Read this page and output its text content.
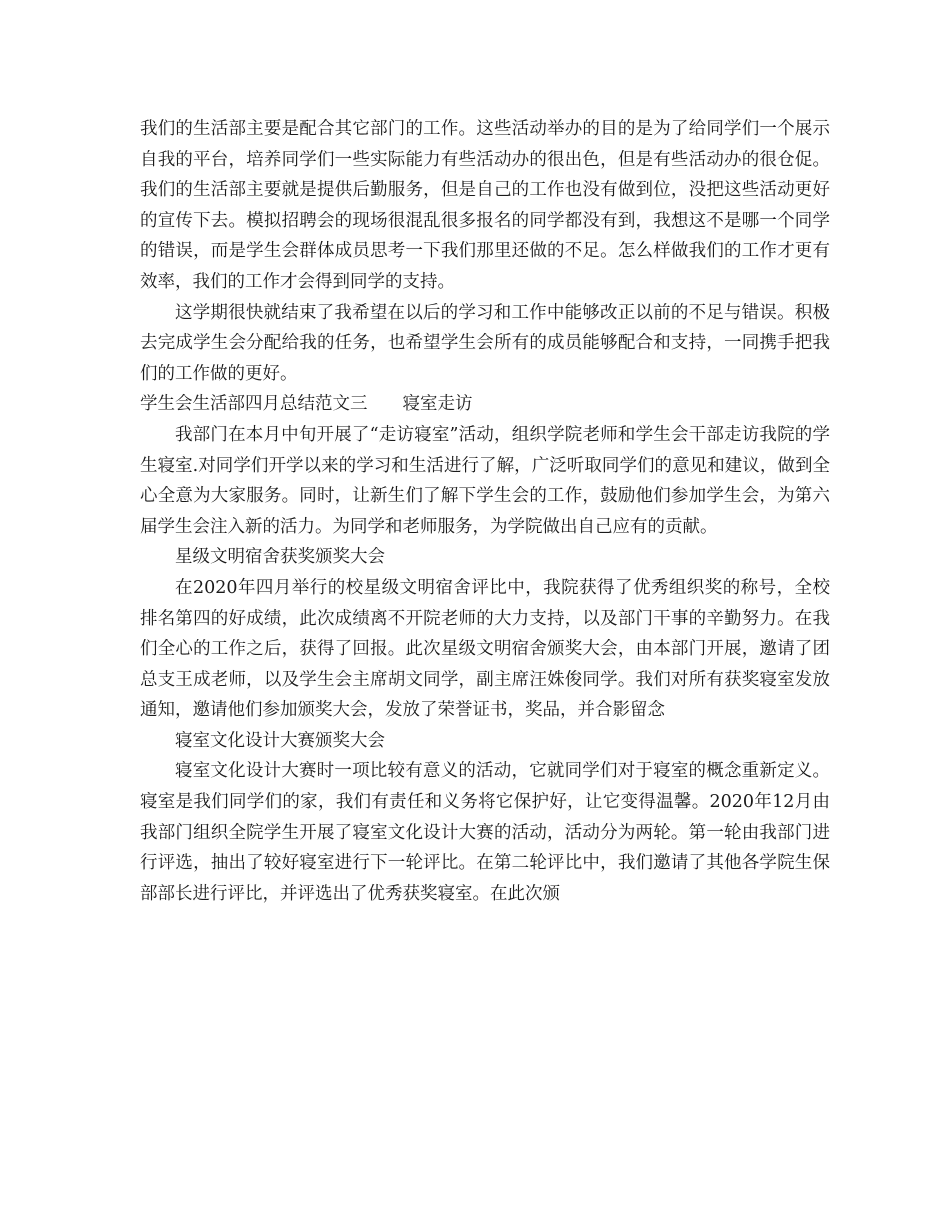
我们的生活部主要是配合其它部门的工作。这些活动举办的目的是为了给同学们一个展示自我的平台，培养同学们一些实际能力有些活动办的很出色，但是有些活动办的很仓促。我们的生活部主要就是提供后勤服务，但是自己的工作也没有做到位，没把这些活动更好的宣传下去。模拟招聘会的现场很混乱很多报名的同学都没有到，我想这不是哪一个同学的错误，而是学生会群体成员思考一下我们那里还做的不足。怎么样做我们的工作才更有效率，我们的工作才会得到同学的支持。

这学期很快就结束了我希望在以后的学习和工作中能够改正以前的不足与错误。积极去完成学生会分配给我的任务，也希望学生会所有的成员能够配合和支持，一同携手把我们的工作做的更好。

学生会生活部四月总结范文三　　寝室走访

我部门在本月中旬开展了“走访寝室”活动，组织学院老师和学生会干部走访我院的学生寝室.对同学们开学以来的学习和生活进行了解，广泛听取同学们的意见和建议，做到全心全意为大家服务。同时，让新生们了解下学生会的工作，鼓励他们参加学生会，为第六届学生会注入新的活力。为同学和老师服务，为学院做出自己应有的贡献。

星级文明宿舍获奖颁奖大会

在2020年四月举行的校星级文明宿舍评比中，我院获得了优秀组织奖的称号，全校排名第四的好成绩，此次成绩离不开院老师的大力支持，以及部门干事的辛勤努力。在我们全心的工作之后，获得了回报。此次星级文明宿舍颁奖大会，由本部门开展，邀请了团总支王成老师，以及学生会主席胡文同学，副主席汪姝俊同学。我们对所有获奖寝室发放通知，邀请他们参加颁奖大会，发放了荣誉证书，奖品，并合影留念

寝室文化设计大赛颁奖大会

寝室文化设计大赛时一项比较有意义的活动，它就同学们对于寝室的概念重新定义。寝室是我们同学们的家，我们有责任和义务将它保护好，让它变得温馨。2020年12月由我部门组织全院学生开展了寝室文化设计大赛的活动，活动分为两轮。第一轮由我部门进行评选，抽出了较好寝室进行下一轮评比。在第二轮评比中，我们邀请了其他各学院生保部部长进行评比，并评选出了优秀获奖寝室。在此次颁
